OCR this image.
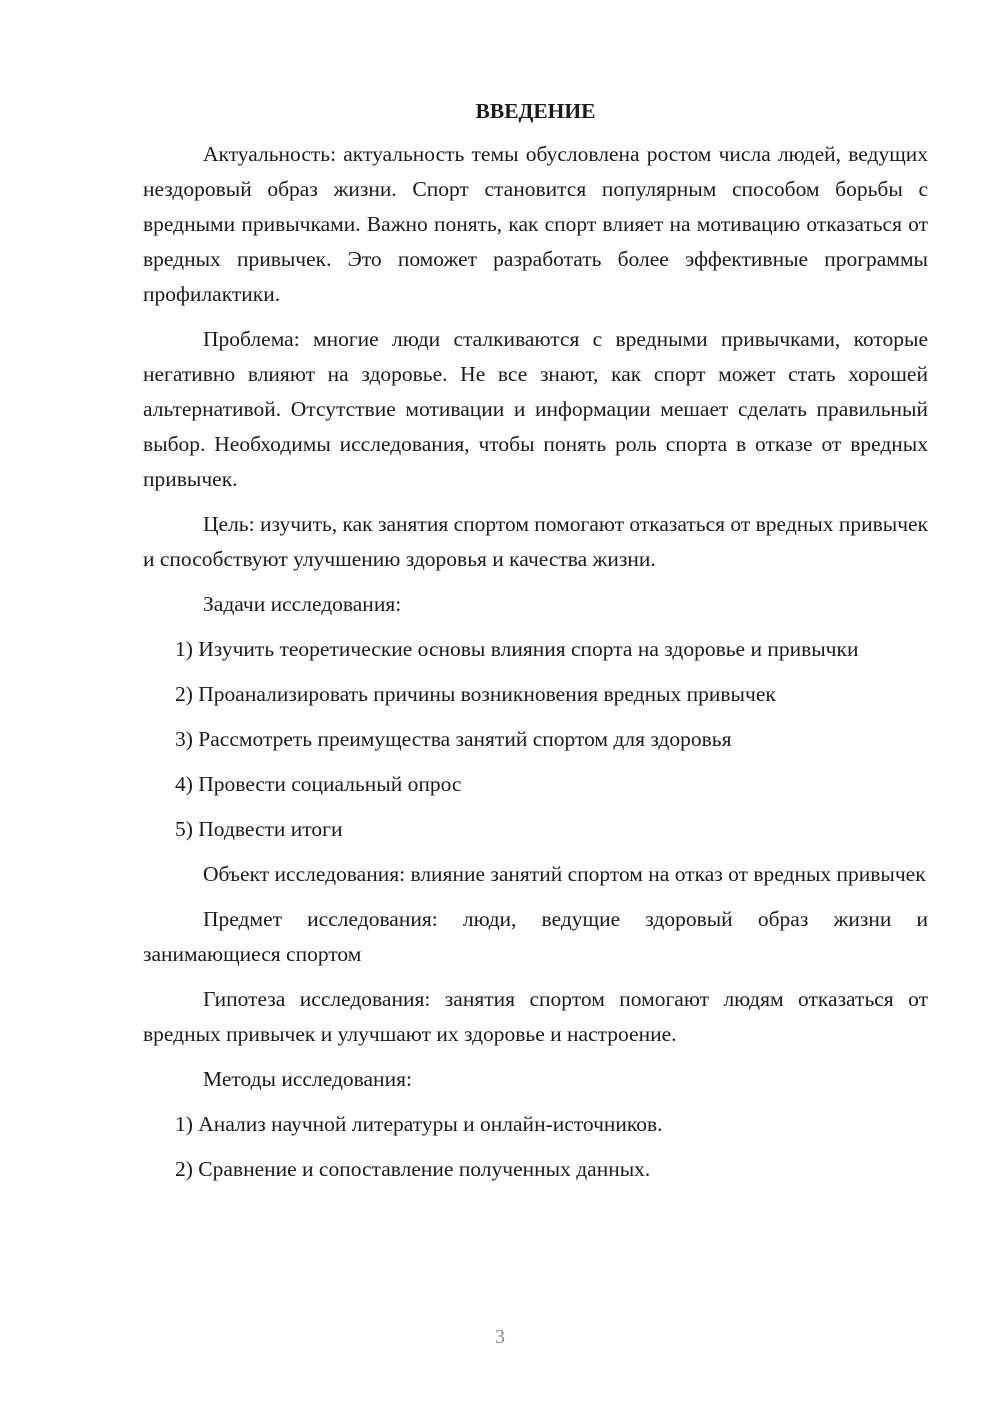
ВВЕДЕНИЕ

Актуальность: актуальность темы обусловлена ростом числа людей, ведущих нездоровый образ жизни. Спорт становится популярным способом борьбы с вредными привычками. Важно понять, как спорт влияет на мотивацию отказаться от вредных привычек. Это поможет разработать более эффективные программы профилактики.

Проблема: многие люди сталкиваются с вредными привычками, которые негативно влияют на здоровье. Не все знают, как спорт может стать хорошей альтернативой. Отсутствие мотивации и информации мешает сделать правильный выбор. Необходимы исследования, чтобы понять роль спорта в отказе от вредных привычек.

Цель: изучить, как занятия спортом помогают отказаться от вредных привычек и способствуют улучшению здоровья и качества жизни.

Задачи исследования:

1) Изучить теоретические основы влияния спорта на здоровье и привычки

2) Проанализировать причины возникновения вредных привычек

3) Рассмотреть преимущества занятий спортом для здоровья

4) Провести социальный опрос

5) Подвести итоги

Объект исследования: влияние занятий спортом на отказ от вредных привычек

Предмет исследования: люди, ведущие здоровый образ жизни и занимающиеся спортом

Гипотеза исследования: занятия спортом помогают людям отказаться от вредных привычек и улучшают их здоровье и настроение.

Методы исследования:

1) Анализ научной литературы и онлайн-источников.

2) Сравнение и сопоставление полученных данных.

3
